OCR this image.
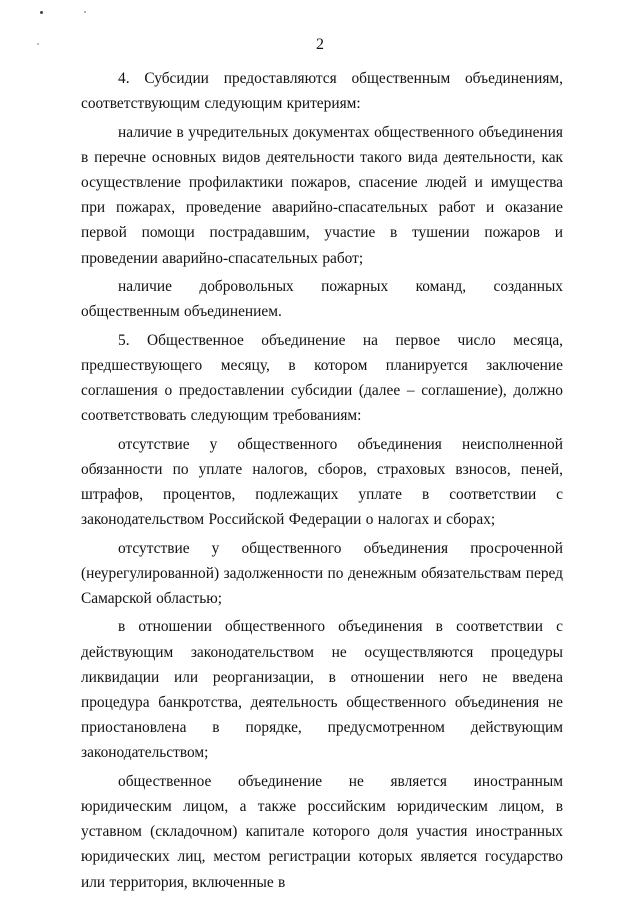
2

4. Субсидии предоставляются общественным объединениям, соответствующим следующим критериям:

наличие в учредительных документах общественного объединения в перечне основных видов деятельности такого вида деятельности, как осуществление профилактики пожаров, спасение людей и имущества при пожарах, проведение аварийно-спасательных работ и оказание первой помощи пострадавшим, участие в тушении пожаров и проведении аварийно-спасательных работ;

наличие добровольных пожарных команд, созданных общественным объединением.

5. Общественное объединение на первое число месяца, предшествующего месяцу, в котором планируется заключение соглашения о предоставлении субсидии (далее – соглашение), должно соответствовать следующим требованиям:

отсутствие у общественного объединения неисполненной обязанности по уплате налогов, сборов, страховых взносов, пеней, штрафов, процентов, подлежащих уплате в соответствии с законодательством Российской Федерации о налогах и сборах;

отсутствие у общественного объединения просроченной (неурегулированной) задолженности по денежным обязательствам перед Самарской областью;

в отношении общественного объединения в соответствии с действующим законодательством не осуществляются процедуры ликвидации или реорганизации, в отношении него не введена процедура банкротства, деятельность общественного объединения не приостановлена в порядке, предусмотренном действующим законодательством;

общественное объединение не является иностранным юридическим лицом, а также российским юридическим лицом, в уставном (складочном) капитале которого доля участия иностранных юридических лиц, местом регистрации которых является государство или территория, включенные в
